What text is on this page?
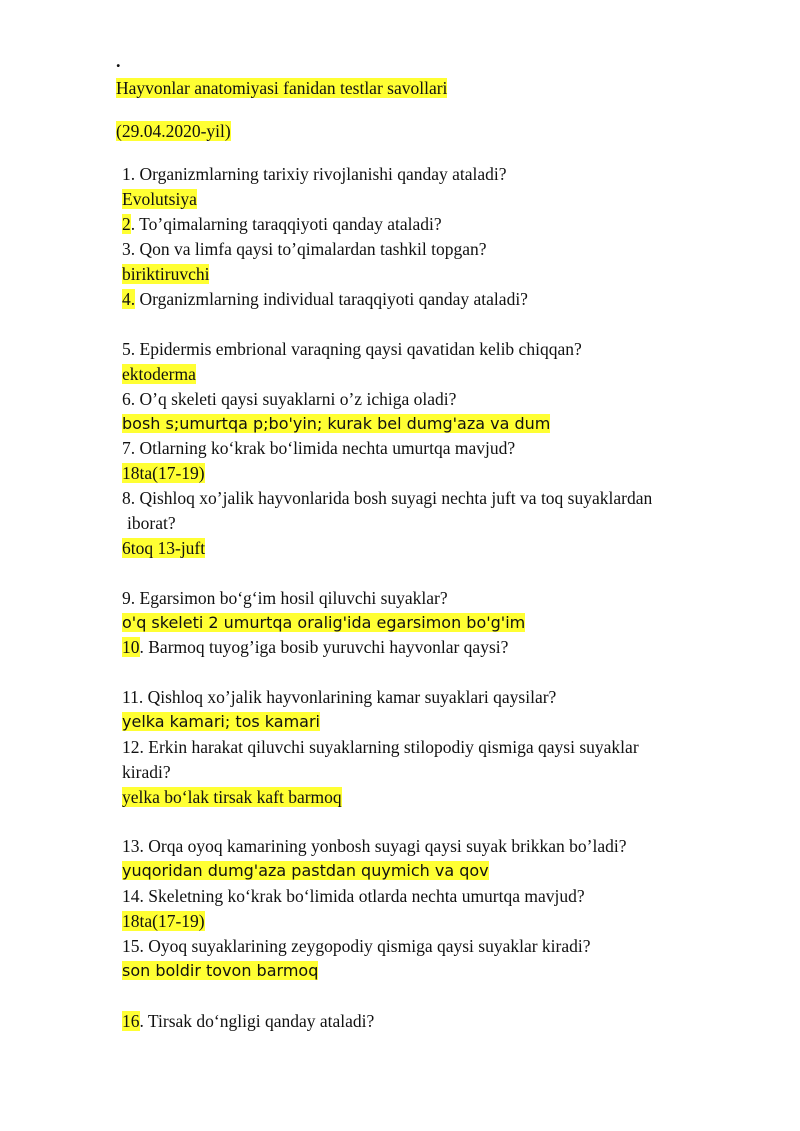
.
Hayvonlar anatomiyasi fanidan testlar savollari
(29.04.2020-yil)
1. Organizmlarning tarixiy rivojlanishi qanday ataladi?
Evolutsiya
2. To’qimalarning taraqqiyoti qanday ataladi?
3. Qon va limfa qaysi to’qimalardan tashkil topgan?
biriktiruvchi
4. Organizmlarning individual taraqqiyoti qanday ataladi?
5. Epidermis embrional varaqning qaysi qavatidan kelib chiqqan?
ektoderma
6. O’q skeleti qaysi suyaklarni o’z ichiga oladi?
bosh s;umurtqa p;bo'yin; kurak bel dumg'aza va dum
7. Otlarning ko‘krak bo‘limida nechta umurtqa mavjud?
18ta(17-19)
8. Qishloq xo’jalik hayvonlarida bosh suyagi nechta juft va toq suyaklardan
iborat?
6toq 13-juft
9. Egarsimon bo‘g‘im hosil qiluvchi suyaklar?
o'q skeleti 2 umurtqa oralig'ida egarsimon bo'g'im
10. Barmoq tuyog’iga bosib yuruvchi hayvonlar qaysi?
11. Qishloq xo’jalik hayvonlarining kamar suyaklari qaysilar?
yelka kamari; tos kamari
12. Erkin harakat qiluvchi suyaklarning stilopodiy qismiga qaysi suyaklar
kiradi?
yelka bo‘lak tirsak kaft barmoq
13. Orqa oyoq kamarining yonbosh suyagi qaysi suyak brikkan bo’ladi?
yuqoridan dumg'aza pastdan quymich va qov
14. Skeletning ko‘krak bo‘limida otlarda nechta umurtqa mavjud?
18ta(17-19)
15. Oyoq suyaklarining zeygopodiy qismiga qaysi suyaklar kiradi?
son boldir tovon barmoq
16. Tirsak do‘ngligi qanday ataladi?
